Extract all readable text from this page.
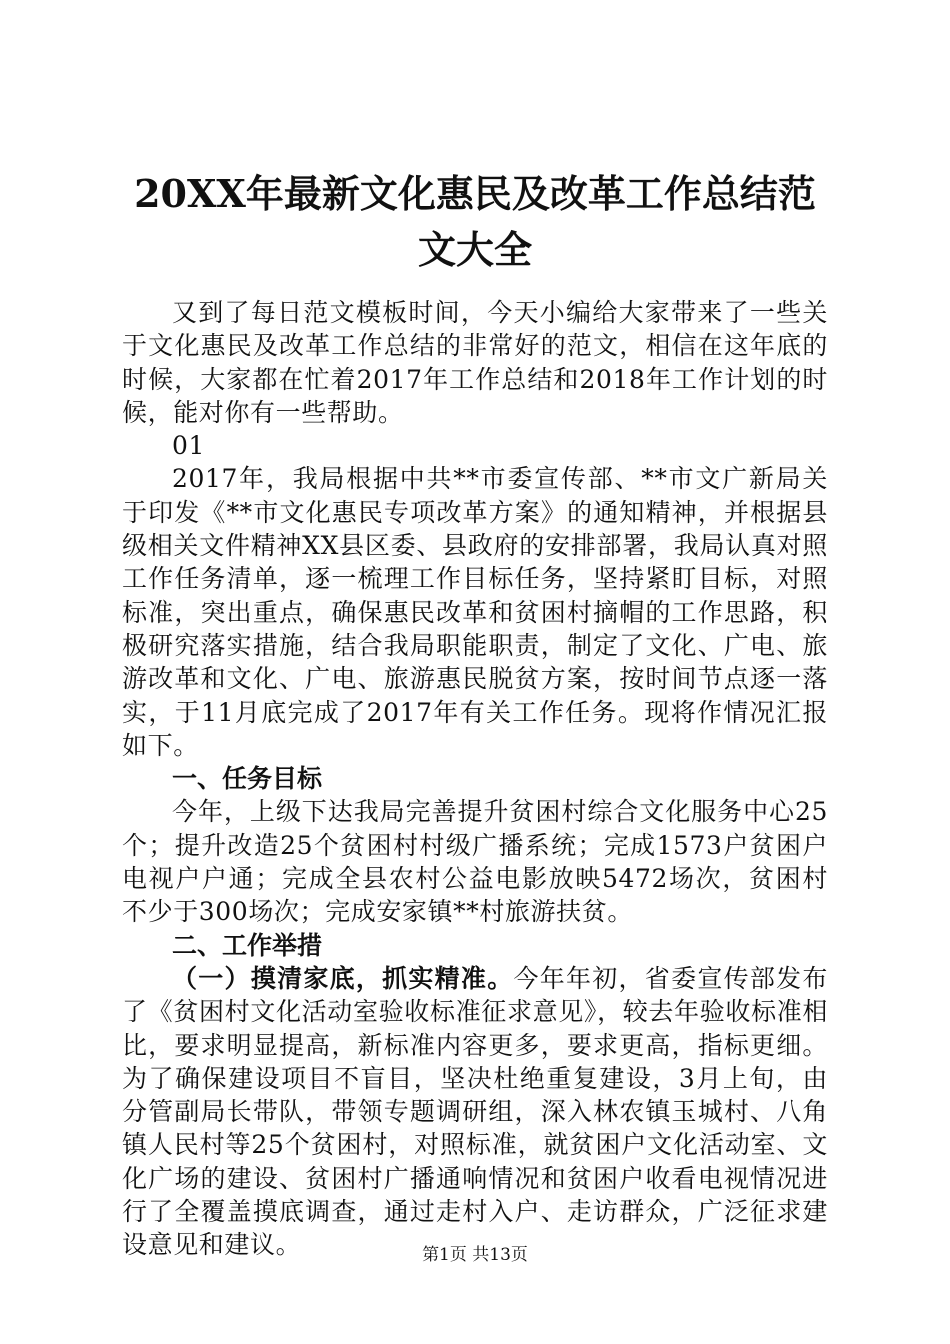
20XX年最新文化惠民及改革工作总结范文大全

又到了每日范文模板时间，今天小编给大家带来了一些关于文化惠民及改革工作总结的非常好的范文，相信在这年底的时候，大家都在忙着2017年工作总结和2018年工作计划的时候，能对你有一些帮助。

01

2017年，我局根据中共**市委宣传部、**市文广新局关于印发《**市文化惠民专项改革方案》的通知精神，并根据县级相关文件精神XX县区委、县政府的安排部署，我局认真对照工作任务清单，逐一梳理工作目标任务，坚持紧盯目标，对照标准，突出重点，确保惠民改革和贫困村摘帽的工作思路，积极研究落实措施，结合我局职能职责，制定了文化、广电、旅游改革和文化、广电、旅游惠民脱贫方案，按时间节点逐一落实，于11月底完成了2017年有关工作任务。现将作情况汇报如下。

一、任务目标

今年，上级下达我局完善提升贫困村综合文化服务中心25个；提升改造25个贫困村村级广播系统；完成1573户贫困户电视户户通；完成全县农村公益电影放映5472场次，贫困村不少于300场次；完成安家镇**村旅游扶贫。

二、工作举措

（一）摸清家底，抓实精准。今年年初，省委宣传部发布了《贫困村文化活动室验收标准征求意见》，较去年验收标准相比，要求明显提高，新标准内容更多，要求更高，指标更细。为了确保建设项目不盲目，坚决杜绝重复建设，3月上旬，由分管副局长带队，带领专题调研组，深入林农镇玉城村、八角镇人民村等25个贫困村，对照标准，就贫困户文化活动室、文化广场的建设、贫困村广播通响情况和贫困户收看电视情况进行了全覆盖摸底调查，通过走村入户、走访群众，广泛征求建设意见和建议。	第1页 共13页
